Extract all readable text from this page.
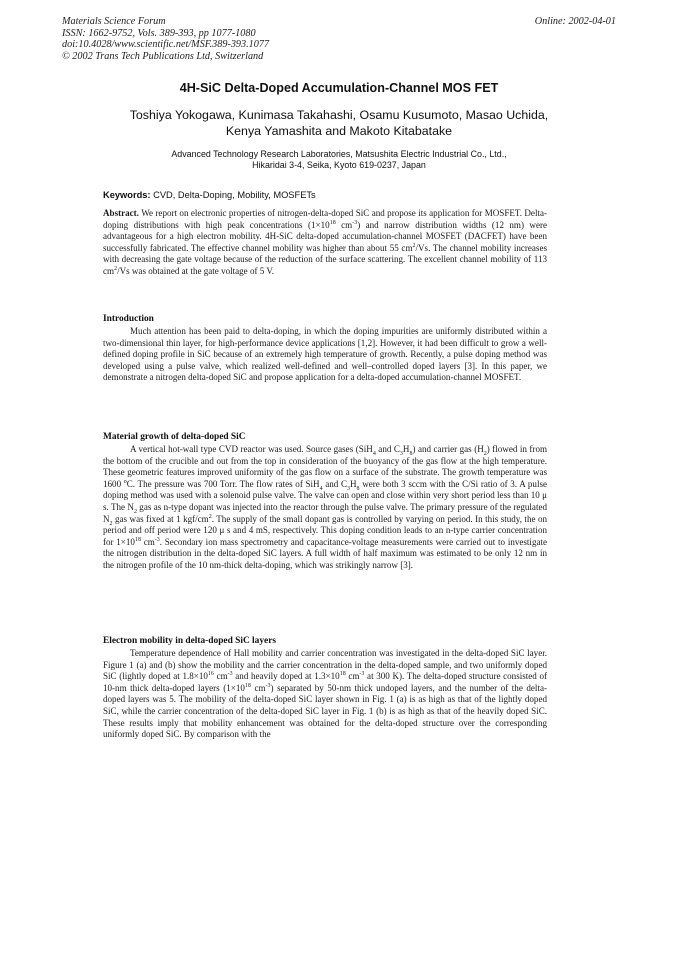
Materials Science Forum
ISSN: 1662-9752, Vols. 389-393, pp 1077-1080
doi:10.4028/www.scientific.net/MSF.389-393.1077
© 2002 Trans Tech Publications Ltd, Switzerland
Online: 2002-04-01
4H-SiC Delta-Doped Accumulation-Channel MOS FET
Toshiya Yokogawa, Kunimasa Takahashi, Osamu Kusumoto, Masao Uchida,
Kenya Yamashita and Makoto Kitabatake
Advanced Technology Research Laboratories, Matsushita Electric Industrial Co., Ltd.,
Hikaridai 3-4, Seika, Kyoto 619-0237, Japan
Keywords: CVD, Delta-Doping, Mobility, MOSFETs

Abstract. We report on electronic properties of nitrogen-delta-doped SiC and propose its application for MOSFET. Delta-doping distributions with high peak concentrations ($1\times 10^{18}$ $cm^{-3}$) and narrow distribution widths (12 nm) were advantageous for a high electron mobility. 4H-SiC delta-doped accumulation-channel MOSFET (DACFET) have been successfully fabricated. The effective channel mobility was higher than about 55 $cm^2/Vs$. The channel mobility increases with decreasing the gate voltage because of the reduction of the surface scattering. The excellent channel mobility of 113 $cm^2/Vs$ was obtained at the gate voltage of 5 V.

Introduction

Much attention has been paid to delta-doping, in which the doping impurities are uniformly distributed within a two-dimensional thin layer, for high-performance device applications [1,2]. However, it had been difficult to grow a well-defined doping profile in SiC because of an extremely high temperature of growth. Recently, a pulse doping method was developed using a pulse valve, which realized well-defined and well–controlled doped layers [3]. In this paper, we demonstrate a nitrogen delta-doped SiC and propose application for a delta-doped accumulation-channel MOSFET.

Material growth of delta-doped SiC

A vertical hot-wall type CVD reactor was used. Source gases (SiH$_4$ and $C_3H_8$) and carrier gas $(H_2)$ flowed in from the bottom of the crucible and out from the top in consideration of the buoyancy of the gas flow at the high temperature. These geometric features improved uniformity of the gas flow on a surface of the substrate. The growth temperature was 1600 $^o$C. The pressure was 700 Torr. The flow rates of SiH$_4$ and $C_3H_8$ were both 3 sccm with the C/Si ratio of 3. A pulse doping method was used with a solenoid pulse valve. The valve can open and close within very short period less than 10 μ s. The $N_2$ gas as n-type dopant was injected into the reactor through the pulse valve. The primary pressure of the regulated $N_2$ gas was fixed at 1 kgf/$cm^2$. The supply of the small dopant gas is controlled by varying on period. In this study, the on period and off period were 120 μ s and 4 mS, respectively. This doping condition leads to an n-type carrier concentration for $1\times 10^{18}$ $cm^{-3}$. Secondary ion mass spectrometry and capacitance-voltage measurements were carried out to investigate the nitrogen distribution in the delta-doped SiC layers. A full width of half maximum was estimated to be only 12 nm in the nitrogen profile of the 10 nm-thick delta-doping, which was strikingly narrow [3].

Electron mobility in delta-doped SiC layers

Temperature dependence of Hall mobility and carrier concentration was investigated in the delta-doped SiC layer. Figure 1 (a) and (b) show the mobility and the carrier concentration in the delta-doped sample, and two uniformly doped SiC (lightly doped at $1.8\times 10^{16}$ $cm^{-3}$ and heavily doped at $1.3\times 10^{18}$ $cm^{-3}$ at 300 K). The delta-doped structure consisted of 10-nm thick delta-doped layers ($1\times 10^{18}$ $cm^{-3}$) separated by 50-nm thick undoped layers, and the number of the delta-doped layers was 5. The mobility of the delta-doped SiC layer shown in Fig. 1 (a) is as high as that of the lightly doped SiC, while the carrier concentration of the delta-doped SiC layer in Fig. 1 (b) is as high as that of the heavily doped SiC. These results imply that mobility enhancement was obtained for the delta-doped structure over the corresponding uniformly doped SiC. By comparison with the
